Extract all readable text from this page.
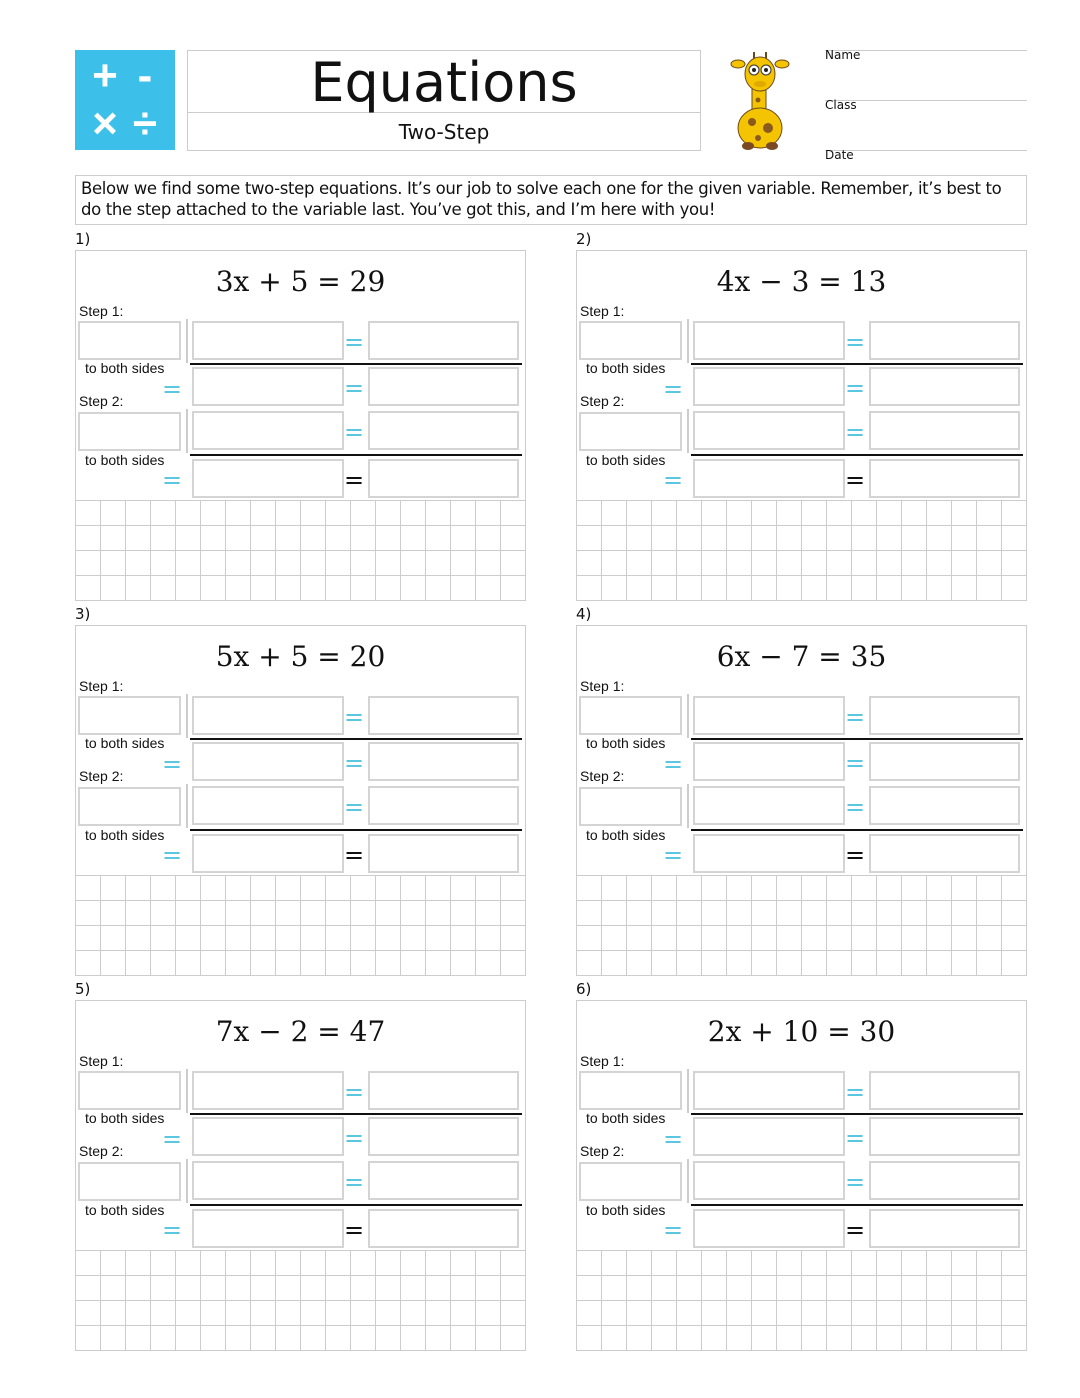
+ -
× ÷
Equations
Two-Step
Name
Class
Date
Below we find some two-step equations. It’s our job to solve each one for the given variable. Remember, it’s best to do the step attached to the variable last. You’ve got this, and I’m here with you!
1)
3x + 5 = 29
Step 1:
Step 2:
to both sides
to both sides
=
=
=
=
=
=
2)
4x − 3 = 13
Step 1:
Step 2:
to both sides
to both sides
=
=
=
=
=
=
3)
5x + 5 = 20
Step 1:
Step 2:
to both sides
to both sides
=
=
=
=
=
=
4)
6x − 7 = 35
Step 1:
Step 2:
to both sides
to both sides
=
=
=
=
=
=
5)
7x − 2 = 47
Step 1:
Step 2:
to both sides
to both sides
=
=
=
=
=
=
6)
2x + 10 = 30
Step 1:
Step 2:
to both sides
to both sides
=
=
=
=
=
=
